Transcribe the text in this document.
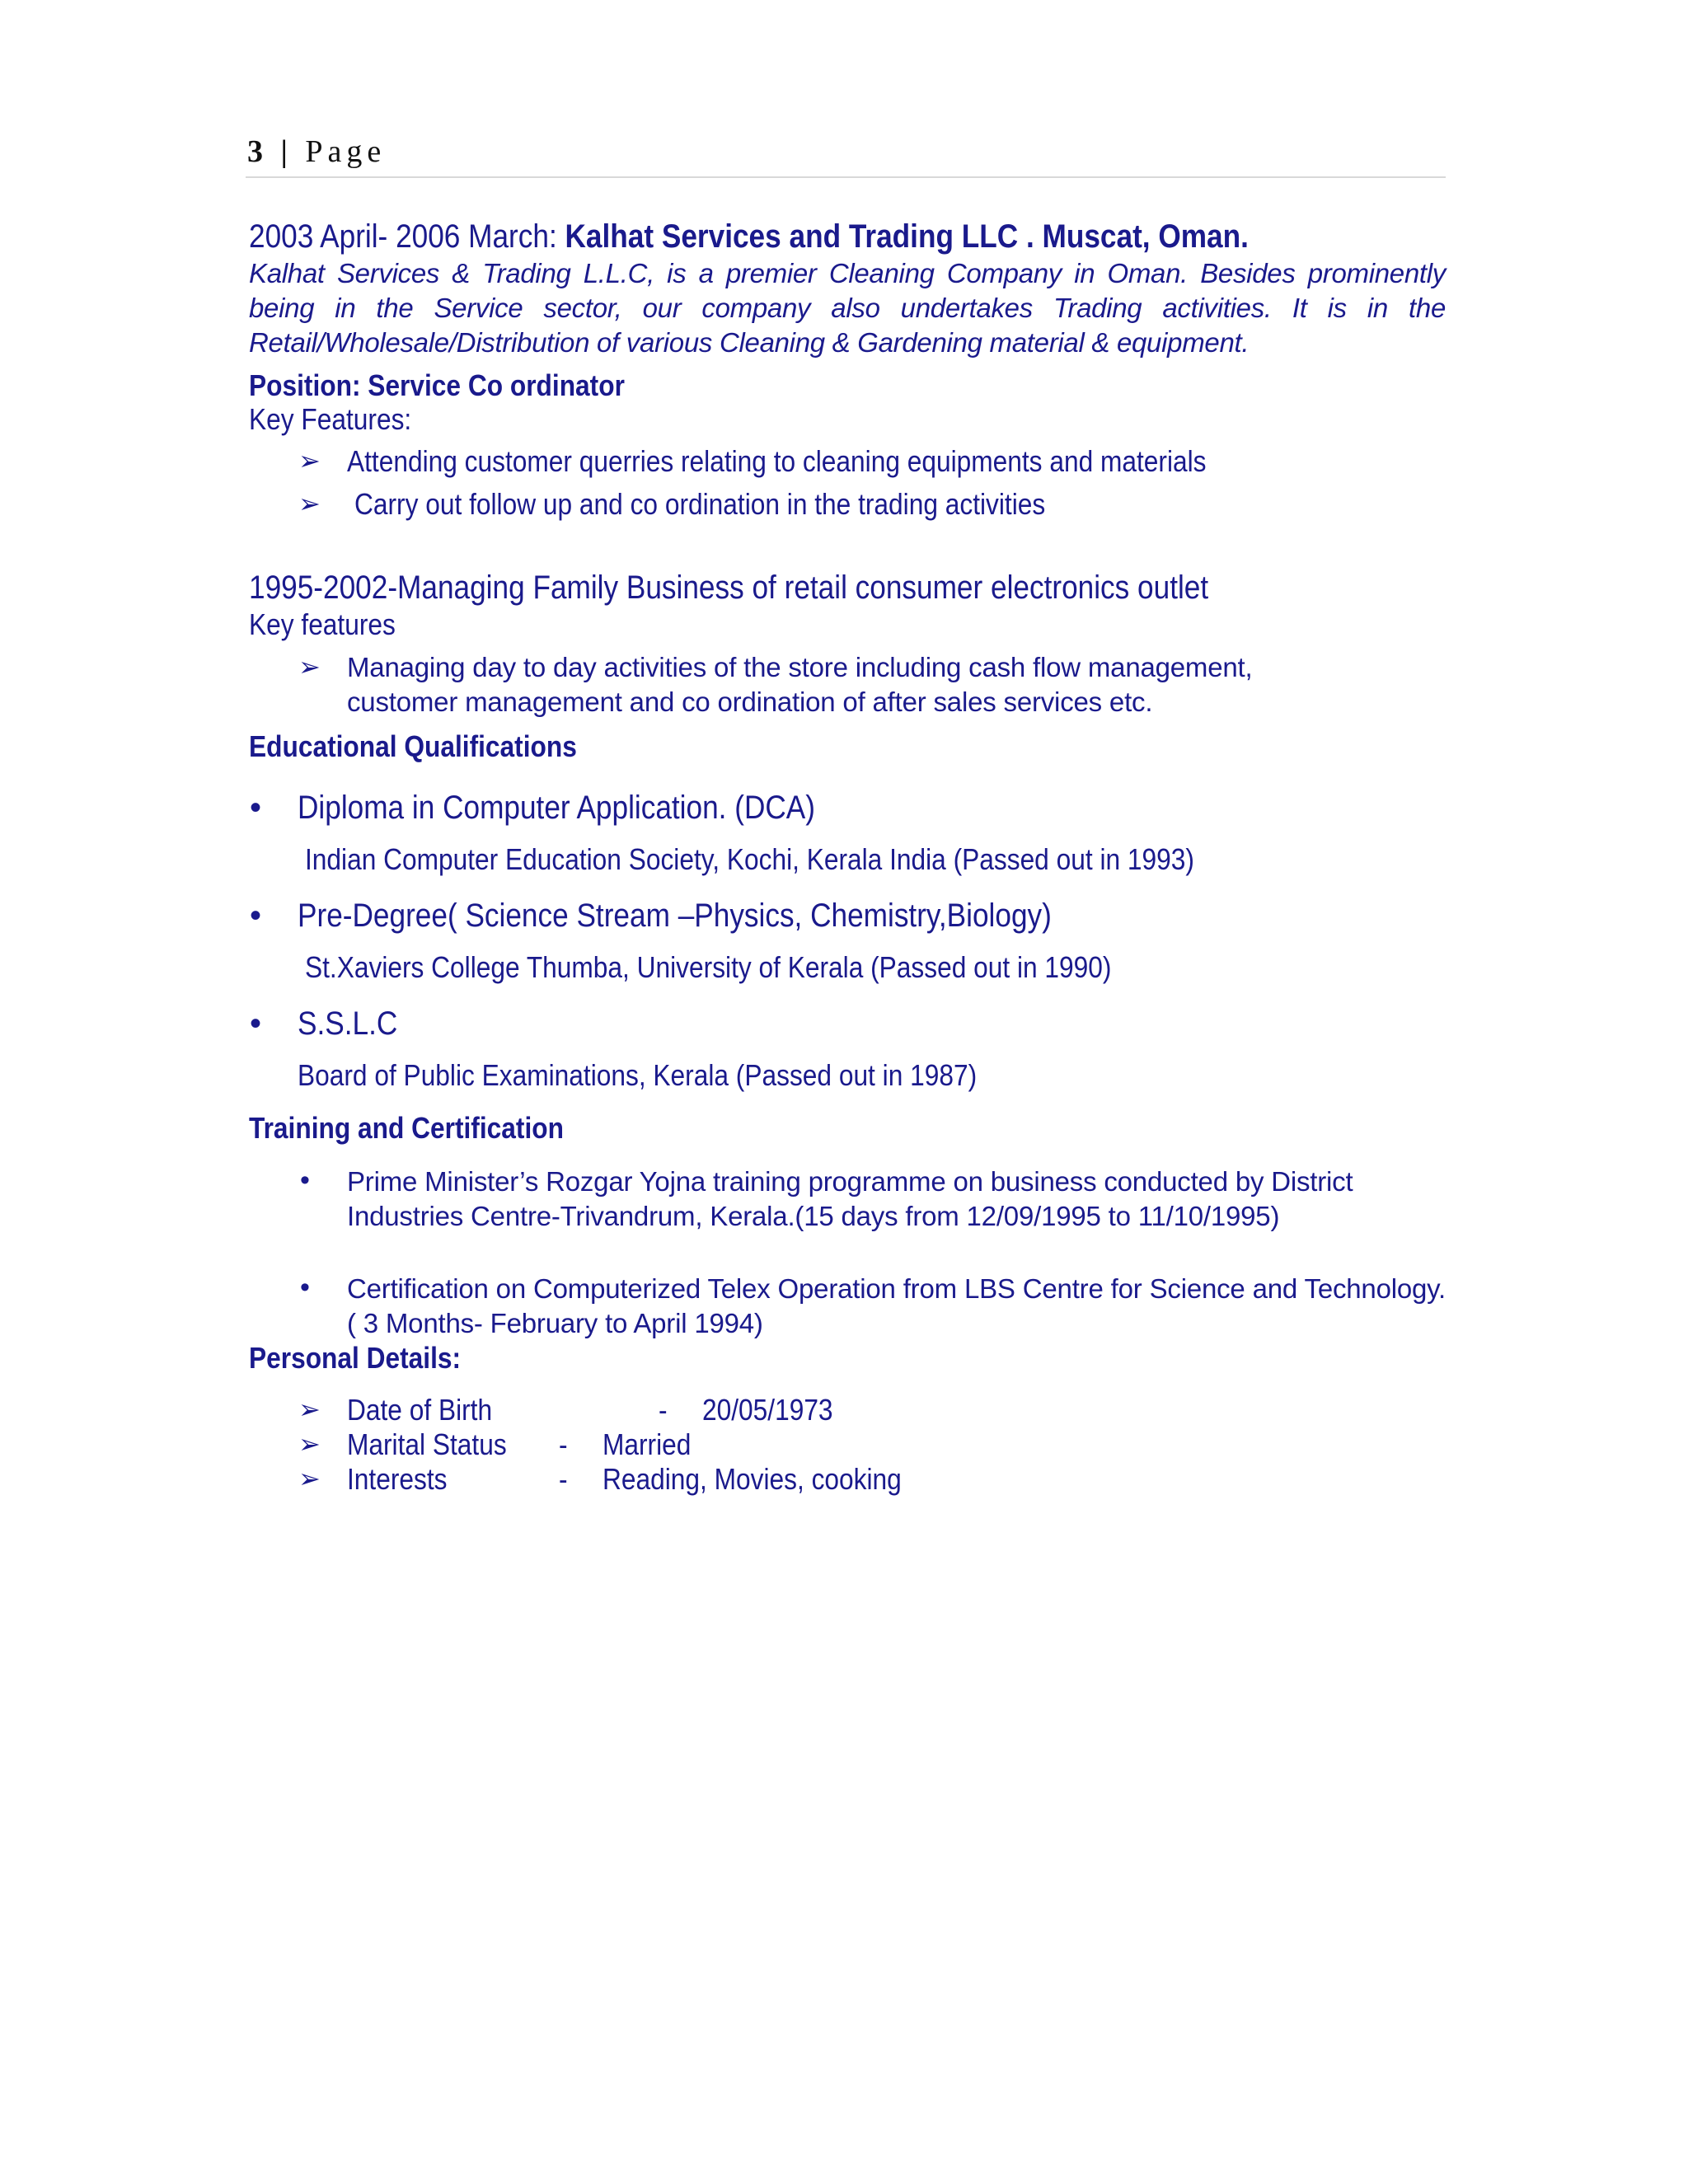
3 | Page
2003 April- 2006 March: Kalhat Services and Trading LLC . Muscat, Oman.
Kalhat Services & Trading L.L.C, is a premier Cleaning Company in Oman. Besides prominently being in the Service sector, our company also undertakes Trading activities. It is in the Retail/Wholesale/Distribution of various Cleaning & Gardening material & equipment.
Position: Service Co ordinator
Key Features:
➢ Attending customer querries relating to cleaning equipments and materials
➢ Carry out follow up and co ordination in the trading activities
1995-2002-Managing Family Business of retail consumer electronics outlet
Key features
➢ Managing day to day activities of the store including cash flow management, customer management and co ordination of after sales services etc.
Educational Qualifications
• Diploma in Computer Application. (DCA)
Indian Computer Education Society, Kochi, Kerala India (Passed out in 1993)
• Pre-Degree( Science Stream –Physics, Chemistry,Biology)
St.Xaviers College Thumba, University of Kerala (Passed out in 1990)
• S.S.L.C
Board of Public Examinations, Kerala (Passed out in 1987)
Training and Certification
• Prime Minister’s Rozgar Yojna training programme on business conducted by District Industries Centre-Trivandrum, Kerala.(15 days from 12/09/1995 to 11/10/1995)
• Certification on Computerized Telex Operation from LBS Centre for Science and Technology. ( 3 Months- February to April 1994)
Personal Details:
➢ Date of Birth	- 20/05/1973
➢ Marital Status - Married
➢ Interests	- Reading, Movies, cooking
